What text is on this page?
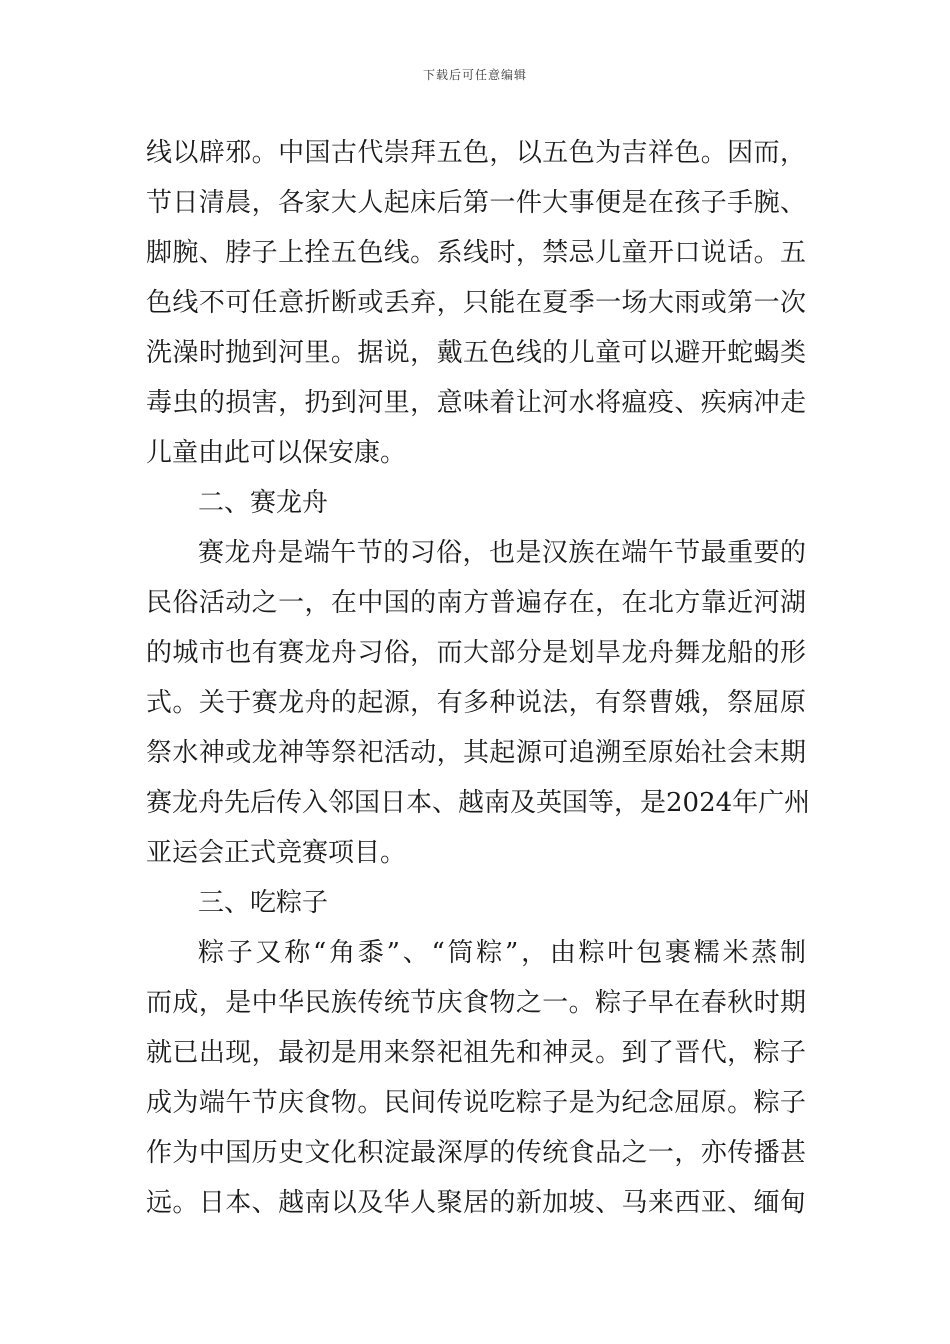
下载后可任意编辑
线以辟邪。中国古代崇拜五色，以五色为吉祥色。因而，
节日清晨，各家大人起床后第一件大事便是在孩子手腕、
脚腕、脖子上拴五色线。系线时，禁忌儿童开口说话。五
色线不可任意折断或丢弃，只能在夏季一场大雨或第一次
洗澡时抛到河里。据说，戴五色线的儿童可以避开蛇蝎类
毒虫的损害，扔到河里，意味着让河水将瘟疫、疾病冲走
儿童由此可以保安康。
二、赛龙舟
赛龙舟是端午节的习俗，也是汉族在端午节最重要的
民俗活动之一，在中国的南方普遍存在，在北方靠近河湖
的城市也有赛龙舟习俗，而大部分是划旱龙舟舞龙船的形
式。关于赛龙舟的起源，有多种说法，有祭曹娥，祭屈原
祭水神或龙神等祭祀活动，其起源可追溯至原始社会末期
赛龙舟先后传入邻国日本、越南及英国等，是2024年广州
亚运会正式竞赛项目。
三、吃粽子
粽子又称“角黍”、“筒粽”，由粽叶包裹糯米蒸制
而成，是中华民族传统节庆食物之一。粽子早在春秋时期
就已出现，最初是用来祭祀祖先和神灵。到了晋代，粽子
成为端午节庆食物。民间传说吃粽子是为纪念屈原。粽子
作为中国历史文化积淀最深厚的传统食品之一，亦传播甚
远。日本、越南以及华人聚居的新加坡、马来西亚、缅甸
